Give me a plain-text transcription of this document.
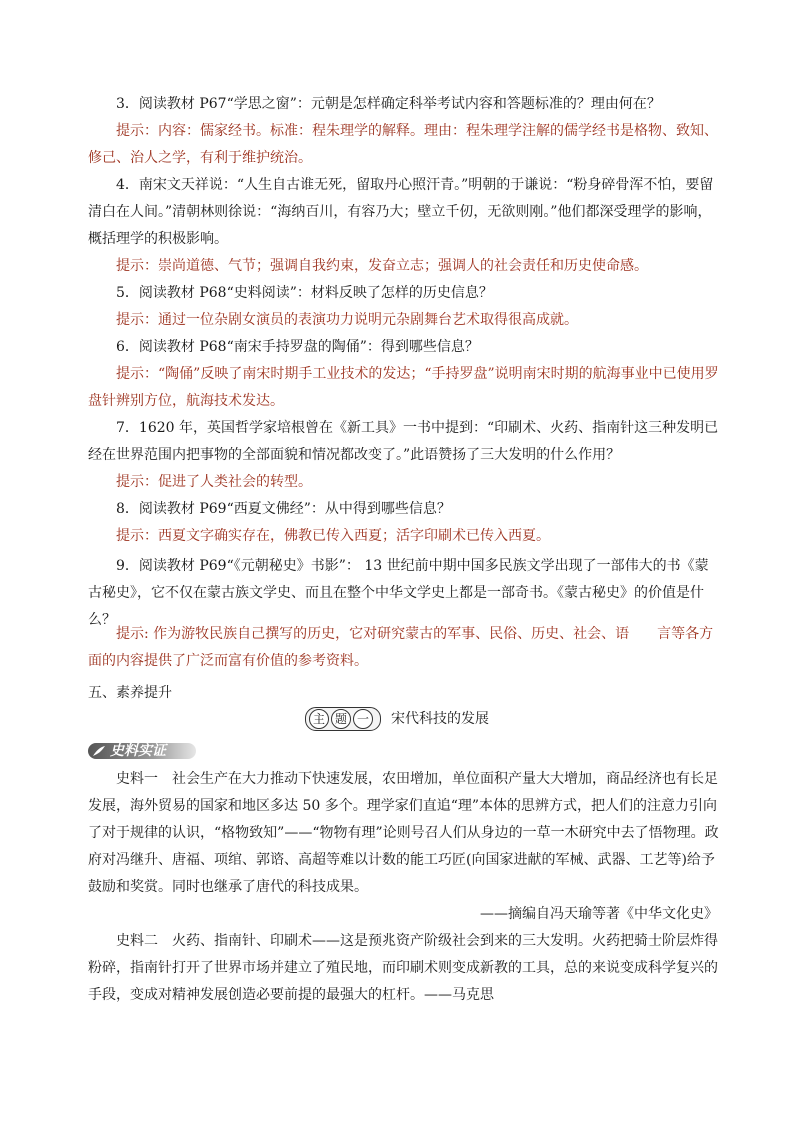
3．阅读教材 P67“学思之窗”：元朝是怎样确定科举考试内容和答题标准的？理由何在？

提示：内容：儒家经书。标准：程朱理学的解释。理由：程朱理学注解的儒学经书是格物、致知、修己、治人之学，有利于维护统治。

4．南宋文天祥说：“人生自古谁无死，留取丹心照汗青。”明朝的于谦说：“粉身碎骨浑不怕，要留清白在人间。”清朝林则徐说：“海纳百川，有容乃大；壁立千仞，无欲则刚。”他们都深受理学的影响，概括理学的积极影响。

提示：崇尚道德、气节；强调自我约束，发奋立志；强调人的社会责任和历史使命感。

5．阅读教材 P68“史料阅读”：材料反映了怎样的历史信息？

提示：通过一位杂剧女演员的表演功力说明元杂剧舞台艺术取得很高成就。

6．阅读教材 P68“南宋手持罗盘的陶俑”：得到哪些信息？

提示：“陶俑”反映了南宋时期手工业技术的发达；“手持罗盘”说明南宋时期的航海事业中已使用罗盘针辨别方位，航海技术发达。

7．1620 年，英国哲学家培根曾在《新工具》一书中提到：“印刷术、火药、指南针这三种发明已经在世界范围内把事物的全部面貌和情况都改变了。”此语赞扬了三大发明的什么作用？

提示：促进了人类社会的转型。

8．阅读教材 P69“西夏文佛经”：从中得到哪些信息？

提示：西夏文字确实存在，佛教已传入西夏；活字印刷术已传入西夏。

9．阅读教材 P69“《元朝秘史》书影”： 13 世纪前中期中国多民族文学出现了一部伟大的书《蒙古秘史》，它不仅在蒙古族文学史、而且在整个中华文学史上都是一部奇书。《蒙古秘史》的价值是什么？

提示: 作为游牧民族自己撰写的历史，它对研究蒙古的军事、民俗、历史、社会、语　　言等各方面的内容提供了广泛而富有价值的参考资料。

五、素养提升
主 题 一 宋代科技的发展
史料实证

史料一　社会生产在大力推动下快速发展，农田增加，单位面积产量大大增加，商品经济也有长足发展，海外贸易的国家和地区多达 50 多个。理学家们直追“理”本体的思辨方式，把人们的注意力引向了对于规律的认识，“格物致知”——“物物有理”论则号召人们从身边的一草一木研究中去了悟物理。政府对冯继升、唐福、项绾、郭谘、高超等难以计数的能工巧匠(向国家进献的军械、武器、工艺等)给予鼓励和奖赏。同时也继承了唐代的科技成果。

——摘编自冯天瑜等著《中华文化史》

史料二　火药、指南针、印刷术——这是预兆资产阶级社会到来的三大发明。火药把骑士阶层炸得粉碎，指南针打开了世界市场并建立了殖民地，而印刷术则变成新教的工具，总的来说变成科学复兴的手段，变成对精神发展创造必要前提的最强大的杠杆。——马克思
